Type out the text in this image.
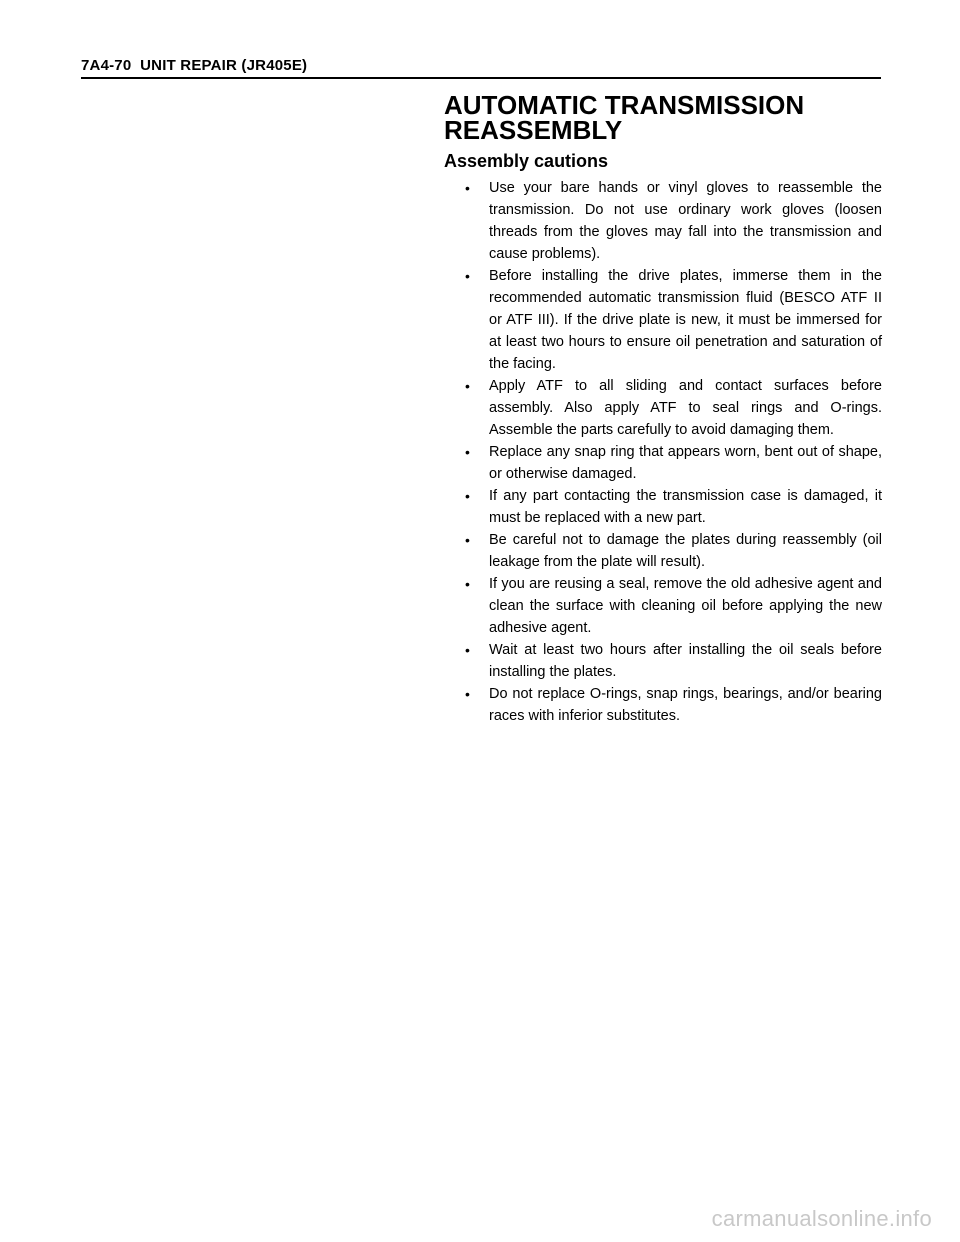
7A4-70  UNIT REPAIR (JR405E)
AUTOMATIC TRANSMISSION
REASSEMBLY
Assembly cautions
• Use your bare hands or vinyl gloves to reassemble the transmission. Do not use ordinary work gloves (loosen threads from the gloves may fall into the transmission and cause problems).
• Before installing the drive plates, immerse them in the recommended automatic transmission fluid (BESCO ATF II or ATF III). If the drive plate is new, it must be immersed for at least two hours to ensure oil penetration and saturation of the facing.
• Apply ATF to all sliding and contact surfaces before assembly. Also apply ATF to seal rings and O-rings. Assemble the parts carefully to avoid damaging them.
• Replace any snap ring that appears worn, bent out of shape, or otherwise damaged.
• If any part contacting the transmission case is damaged, it must be replaced with a new part.
• Be careful not to damage the plates during reassembly (oil leakage from the plate will result).
• If you are reusing a seal, remove the old adhesive agent and clean the surface with cleaning oil before applying the new adhesive agent.
• Wait at least two hours after installing the oil seals before installing the plates.
• Do not replace O-rings, snap rings, bearings, and/or bearing races with inferior substitutes.
carmanualsonline.info
